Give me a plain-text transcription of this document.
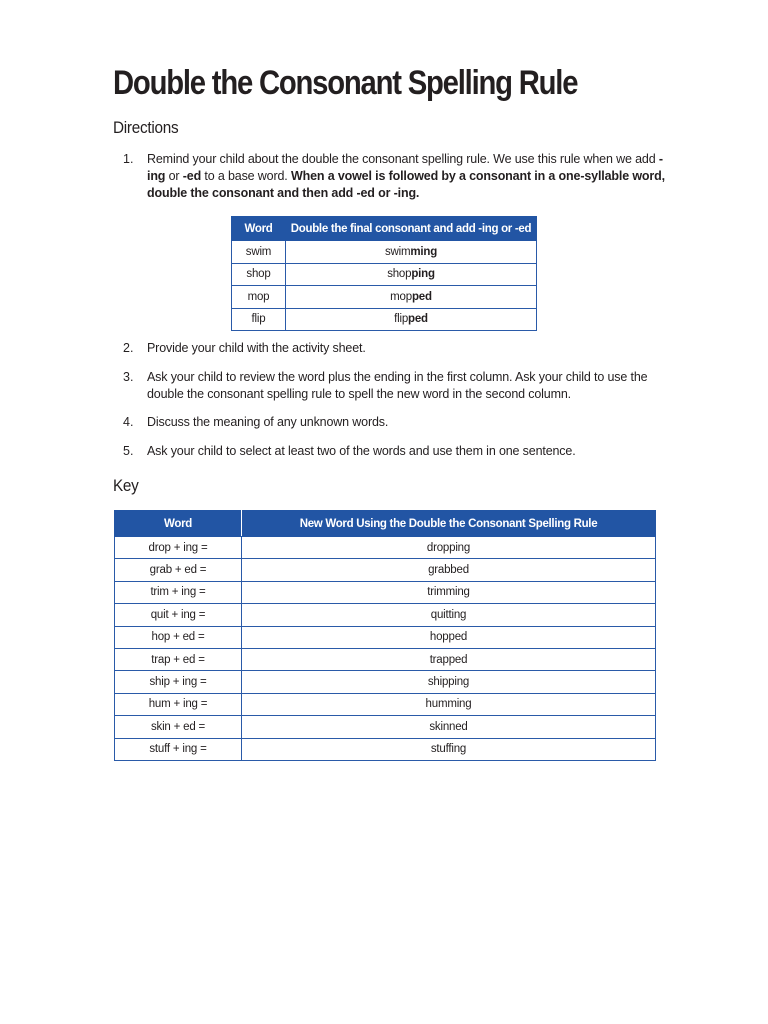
Double the Consonant Spelling Rule
Directions
1. Remind your child about the double the consonant spelling rule. We use this rule when we add -ing or -ed to a base word. When a vowel is followed by a consonant in a one-syllable word, double the consonant and then add -ed or -ing.
Word	Double the final consonant and add -ing or -ed
swim	swimming
shop	shopping
mop	mopped
flip	flipped
2. Provide your child with the activity sheet.
3. Ask your child to review the word plus the ending in the first column. Ask your child to use the double the consonant spelling rule to spell the new word in the second column.
4. Discuss the meaning of any unknown words.
5. Ask your child to select at least two of the words and use them in one sentence.
Key
Word	New Word Using the Double the Consonant Spelling Rule
drop + ing =	dropping
grab + ed =	grabbed
trim + ing =	trimming
quit + ing =	quitting
hop + ed =	hopped
trap + ed =	trapped
ship + ing =	shipping
hum + ing =	humming
skin + ed =	skinned
stuff + ing =	stuffing
